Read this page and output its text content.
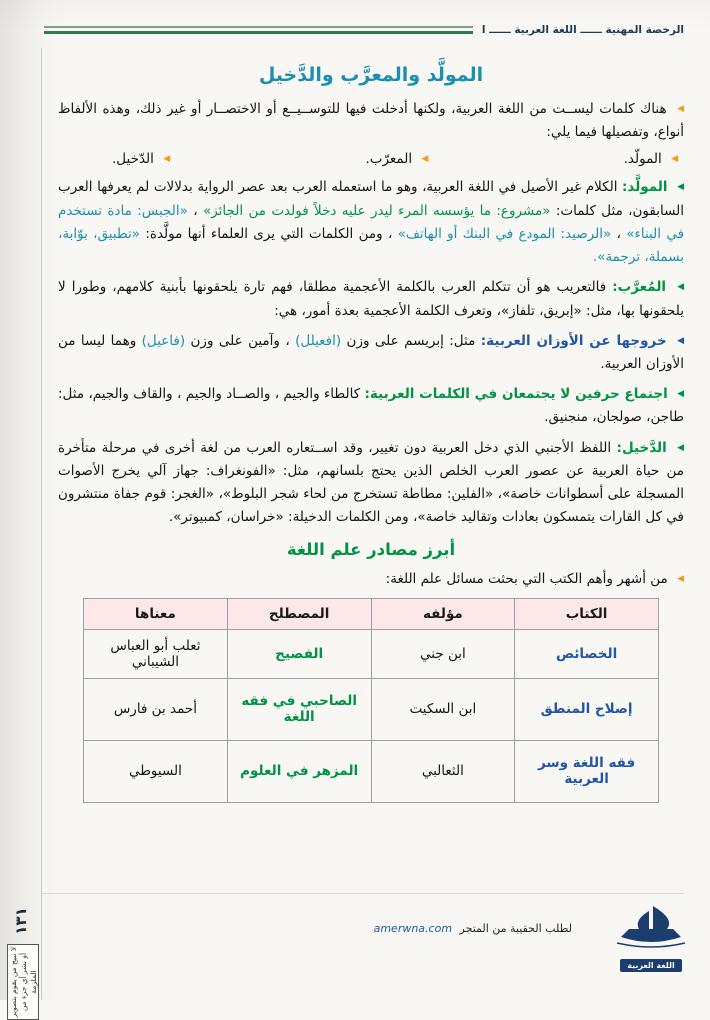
الرخصة المهنية ــــــ اللغة العربية ــــــ ا
المولَّد والمعرَّب والدَّخيل

◀ هناك كلمات ليســت من اللغة العربية، ولكنها أدخلت فيها للتوســيــع أو الاختصــار أو غير ذلك، وهذه الألفاظ أنواع، وتفصيلها فيما يلي:

◀ المولّد.
◀ المعرّب.
◀ الدّخيل.

◀ المولَّد: الكلام غير الأصيل في اللغة العربية، وهو ما استعمله العرب بعد عصر الرواية بدلالات لم يعرفها العرب السابقون، مثل كلمات: «مشروع: ما يؤسسه المرء ليدر عليه دخلاً فولدت من الجائز» ، «الجبس: مادة تستخدم في البناء» ، «الرصيد: المودع في البنك أو الهاتف» ، ومن الكلمات التي يرى العلماء أنها مولَّدة: «تطبيق، بوّابة، بسملة، ترجمة».

◀ المُعرَّب: فالتعريب هو أن تتكلم العرب بالكلمة الأعجمية مطلقا، فهم تارة يلحقونها بأبنية كلامهم، وطورا لا يلحقونها بها، مثل: «إبريق، تلفاز»، وتعرف الكلمة الأعجمية بعدة أمور، هي:

◀ خروجها عن الأوزان العربية: مثل: إبريسم على وزن (افعيلل) ، وآمين على وزن (فاعيل) وهما ليسا من الأوزان العربية.

◀ اجتماع حرفين لا يجتمعان في الكلمات العربية: كالطاء والجيم ، والصــاد والجيم ، والقاف والجيم، مثل: طاجن، صولجان، منجنيق.

◀ الدَّخيل: اللفظ الأجنبي الذي دخل العربية دون تغيير، وقد اســتعاره العرب من لغة أخرى في مرحلة متأخرة من حياة العربية عن عصور العرب الخلص الذين يحتج بلسانهم، مثل: «الفونغراف: جهاز آلي يخرج الأصوات المسجلة على أسطوانات خاصة»، «الفلين: مطاطة تستخرج من لحاء شجر البلوط»، «الغجر: قوم جفاة منتشرون في كل القارات يتمسكون بعادات وتقاليد خاصة»، ومن الكلمات الدخيلة: «خراسان، كمبيوتر».

أبرز مصادر علم اللغة

◀ من أشهر وأهم الكتب التي بحثت مسائل علم اللغة:

الكتاب	مؤلفه	المصطلح	معناها
الخصائص	ابن جني	الفصيح	ثعلب أبو العباس الشيباني
إصلاح المنطق	ابن السكيت	الصاحبي في فقه اللغة	أحمد بن فارس
فقه اللغة وسر العربية	الثعالبي	المزهر في العلوم	السيوطي
لطلب الحقيبة من المتجر amerwna.com
اللغة العربية
١٣١
لا نبيح من يقوم بتصوير أو نشر أي جزء من الملزمة
